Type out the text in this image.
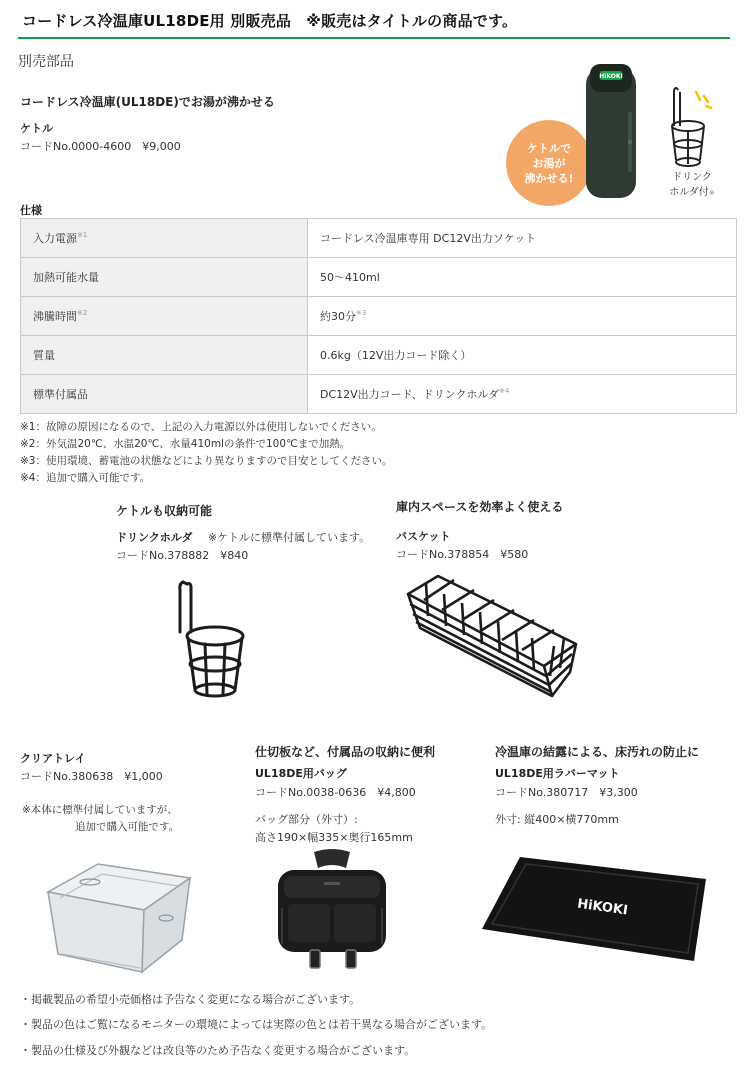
コードレス冷温庫UL18DE用 別販売品　※販売はタイトルの商品です。
別売部品
コードレス冷温庫(UL18DE)でお湯が沸かせる
ケトル
コードNo.0000-4600　¥9,000	ケトルで
お湯が
沸かせる!
HiKOKI
ドリンク
ホルダ付※
仕様
入力電源$^{※1}$	コードレス冷温庫専用 DC12V出力ソケット
加熱可能水量	50～410ml
沸騰時間$^{※2}$	約30分$^{※3}$
質量	0.6kg（12V出力コード除く）
標準付属品	DC12V出力コード、ドリンクホルダ$^{※4}$
※1：故障の原因になるので、上記の入力電源以外は使用しないでください。
※2：外気温20℃、水温20℃、水量410mlの条件で100℃まで加熱。
※3：使用環境、蓄電池の状態などにより異なりますので目安としてください。
※4：追加で購入可能です。
ケトルも収納可能
ドリンクホルダ ※ケトルに標準付属しています。
コードNo.378882　¥840
庫内スペースを効率よく使える
バスケット
コードNo.378854　¥580
クリアトレイ
コードNo.380638　¥1,000
※本体に標準付属していますが、
追加で購入可能です。
仕切板など、付属品の収納に便利
UL18DE用バッグ
コードNo.0038-0636　¥4,800
バッグ部分（外寸）:
高さ190×幅335×奥行165mm
冷温庫の結露による、床汚れの防止に
UL18DE用ラバーマット
コードNo.380717　¥3,300
外寸: 縦400×横770mm
HiKOKI
・掲載製品の希望小売価格は予告なく変更になる場合がございます。
・製品の色はご覧になるモニターの環境によっては実際の色とは若干異なる場合がございます。
・製品の仕様及び外観などは改良等のため予告なく変更する場合がございます。
